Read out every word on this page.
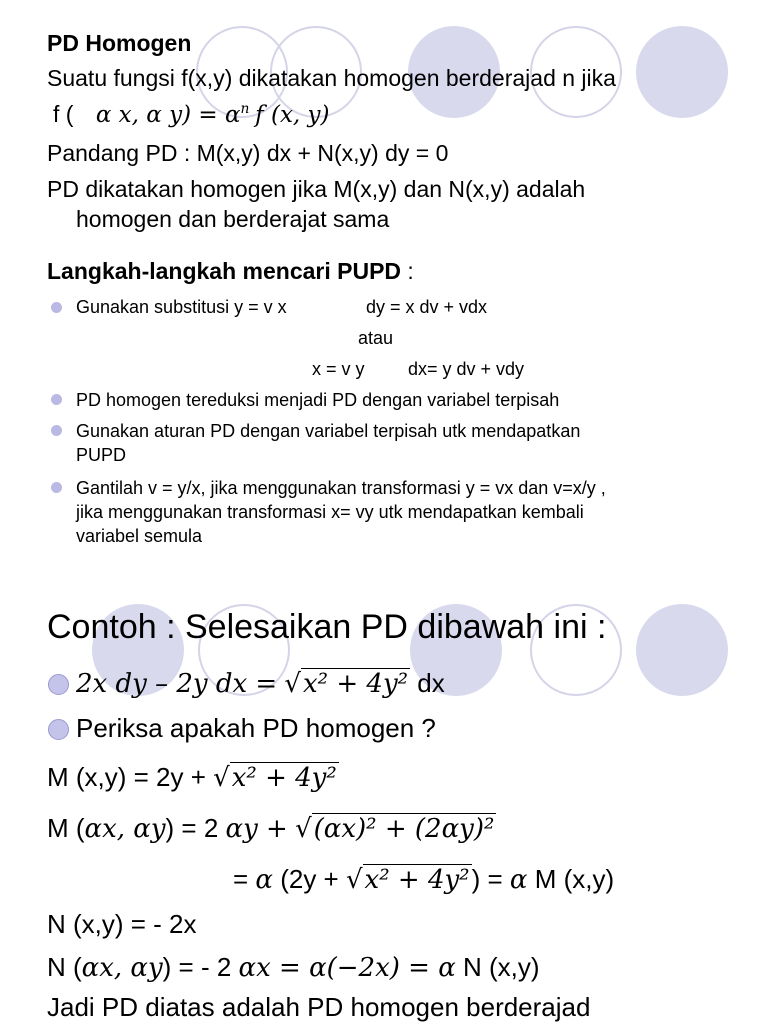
PD Homogen
Suatu fungsi f(x,y) dikatakan homogen berderajad n jika
f ( α x, α $y) = \alpha^n$ f (x, y)
Pandang PD : M(x,y) dx + N(x,y) dy = 0
PD dikatakan homogen jika M(x,y) dan N(x,y) adalah
homogen dan berderajat sama
Langkah-langkah mencari PUPD :
Gunakan substitusi y = v x	dy = x dv + vdx
atau
x = v y dx= y dv + vdy
PD homogen tereduksi menjadi PD dengan variabel terpisah
Gunakan aturan PD dengan variabel terpisah utk mendapatkan
PUPD
Gantilah v = y/x, jika menggunakan transformasi y = vx dan v=x/y ,
jika menggunakan transformasi x= vy utk mendapatkan kembali
variabel semula
Contoh : Selesaikan PD dibawah ini :
2x dy – 2y dx = √x² + 4y² dx
Periksa apakah PD homogen ?
M (x,y) = 2y + √x² + 4y²
M (αx, αy) = 2 αy + √(αx)² + (2αy)²
= α (2y + √x² + 4y²) = α M (x,y)
N (x,y) = - 2x
N (αx, αy) = - 2 αx = α(−2x) = α N (x,y)
Jadi PD diatas adalah PD homogen berderajad
